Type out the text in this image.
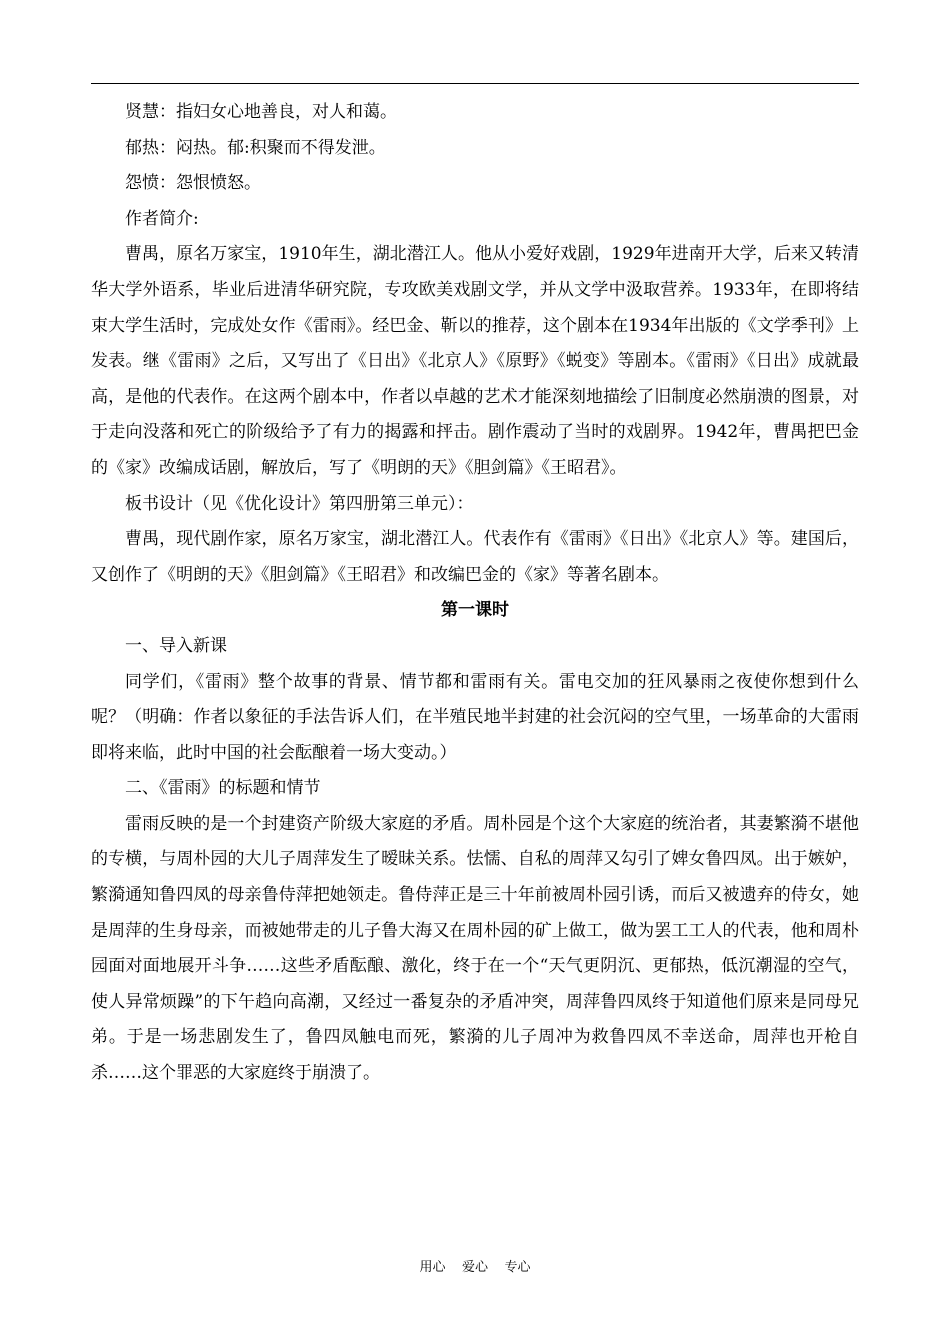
贤慧：指妇女心地善良，对人和蔼。

郁热：闷热。郁:积聚而不得发泄。

怨愤：怨恨愤怒。

作者简介:

曹禺，原名万家宝，1910年生，湖北潜江人。他从小爱好戏剧，1929年进南开大学，后来又转清华大学外语系，毕业后进清华研究院，专攻欧美戏剧文学，并从文学中汲取营养。1933年，在即将结束大学生活时，完成处女作《雷雨》。经巴金、靳以的推荐，这个剧本在1934年出版的《文学季刊》上发表。继《雷雨》之后，又写出了《日出》《北京人》《原野》《蜕变》等剧本。《雷雨》《日出》成就最高，是他的代表作。在这两个剧本中，作者以卓越的艺术才能深刻地描绘了旧制度必然崩溃的图景，对于走向没落和死亡的阶级给予了有力的揭露和抨击。剧作震动了当时的戏剧界。1942年，曹禺把巴金的《家》改编成话剧，解放后，写了《明朗的天》《胆剑篇》《王昭君》。

板书设计（见《优化设计》第四册第三单元）：

曹禺，现代剧作家，原名万家宝，湖北潜江人。代表作有《雷雨》《日出》《北京人》等。建国后，又创作了《明朗的天》《胆剑篇》《王昭君》和改编巴金的《家》等著名剧本。

第一课时

一、导入新课

同学们，《雷雨》整个故事的背景、情节都和雷雨有关。雷电交加的狂风暴雨之夜使你想到什么呢？（明确：作者以象征的手法告诉人们，在半殖民地半封建的社会沉闷的空气里，一场革命的大雷雨即将来临，此时中国的社会酝酿着一场大变动。）

二、《雷雨》的标题和情节

雷雨反映的是一个封建资产阶级大家庭的矛盾。周朴园是个这个大家庭的统治者，其妻繁漪不堪他的专横，与周朴园的大儿子周萍发生了暧昧关系。怯懦、自私的周萍又勾引了婢女鲁四凤。出于嫉妒，繁漪通知鲁四凤的母亲鲁侍萍把她领走。鲁侍萍正是三十年前被周朴园引诱，而后又被遗弃的侍女，她是周萍的生身母亲，而被她带走的儿子鲁大海又在周朴园的矿上做工，做为罢工工人的代表，他和周朴园面对面地展开斗争……这些矛盾酝酿、激化，终于在一个“天气更阴沉、更郁热，低沉潮湿的空气，使人异常烦躁”的下午趋向高潮，又经过一番复杂的矛盾冲突，周萍鲁四凤终于知道他们原来是同母兄弟。于是一场悲剧发生了，鲁四凤触电而死，繁漪的儿子周冲为救鲁四凤不幸送命，周萍也开枪自杀……这个罪恶的大家庭终于崩溃了。

用心    爱心    专心
